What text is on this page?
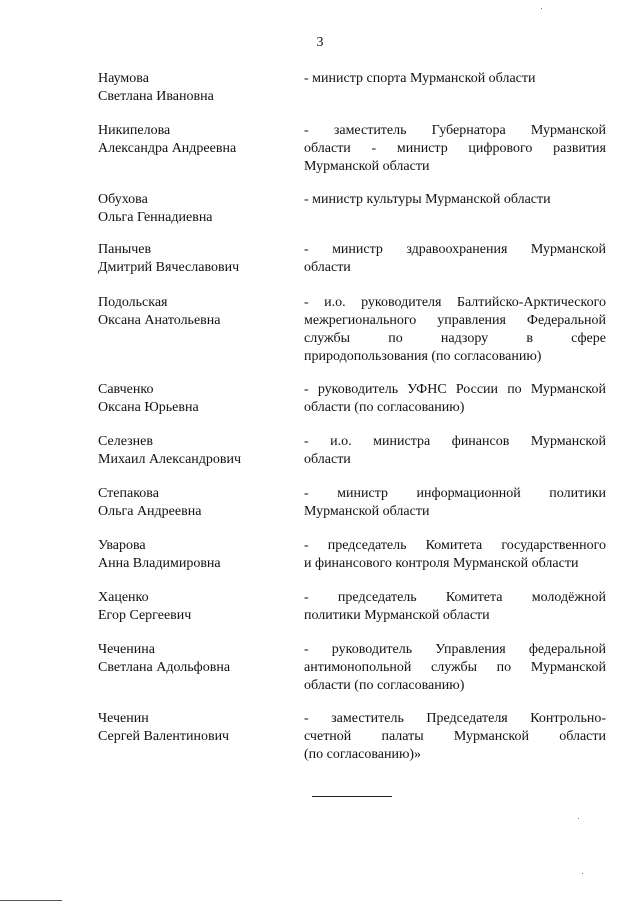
3
Наумова
Светлана Ивановна
- министр спорта Мурманской области
Никипелова
Александра Андреевна
- заместитель Губернатора Мурманской
области - министр цифрового развития
Мурманской области
Обухова
Ольга Геннадиевна
- министр культуры Мурманской области
Панычев
Дмитрий Вячеславович
- министр здравоохранения Мурманской
области
Подольская
Оксана Анатольевна
- и.о. руководителя Балтийско-Арктического
межрегионального управления Федеральной
службы по надзору в сфере
природопользования (по согласованию)
Савченко
Оксана Юрьевна
- руководитель УФНС России по Мурманской
области (по согласованию)
Селезнев
Михаил Александрович
- и.о. министра финансов Мурманской
области
Степакова
Ольга Андреевна
- министр информационной политики
Мурманской области
Уварова
Анна Владимировна
- председатель Комитета государственного
и финансового контроля Мурманской области
Хаценко
Егор Сергеевич
- председатель Комитета молодёжной
политики Мурманской области
Чеченина
Светлана Адольфовна
- руководитель Управления федеральной
антимонопольной службы по Мурманской
области (по согласованию)
Чеченин
Сергей Валентинович
- заместитель Председателя Контрольно-
счетной палаты Мурманской области
(по согласованию)»
